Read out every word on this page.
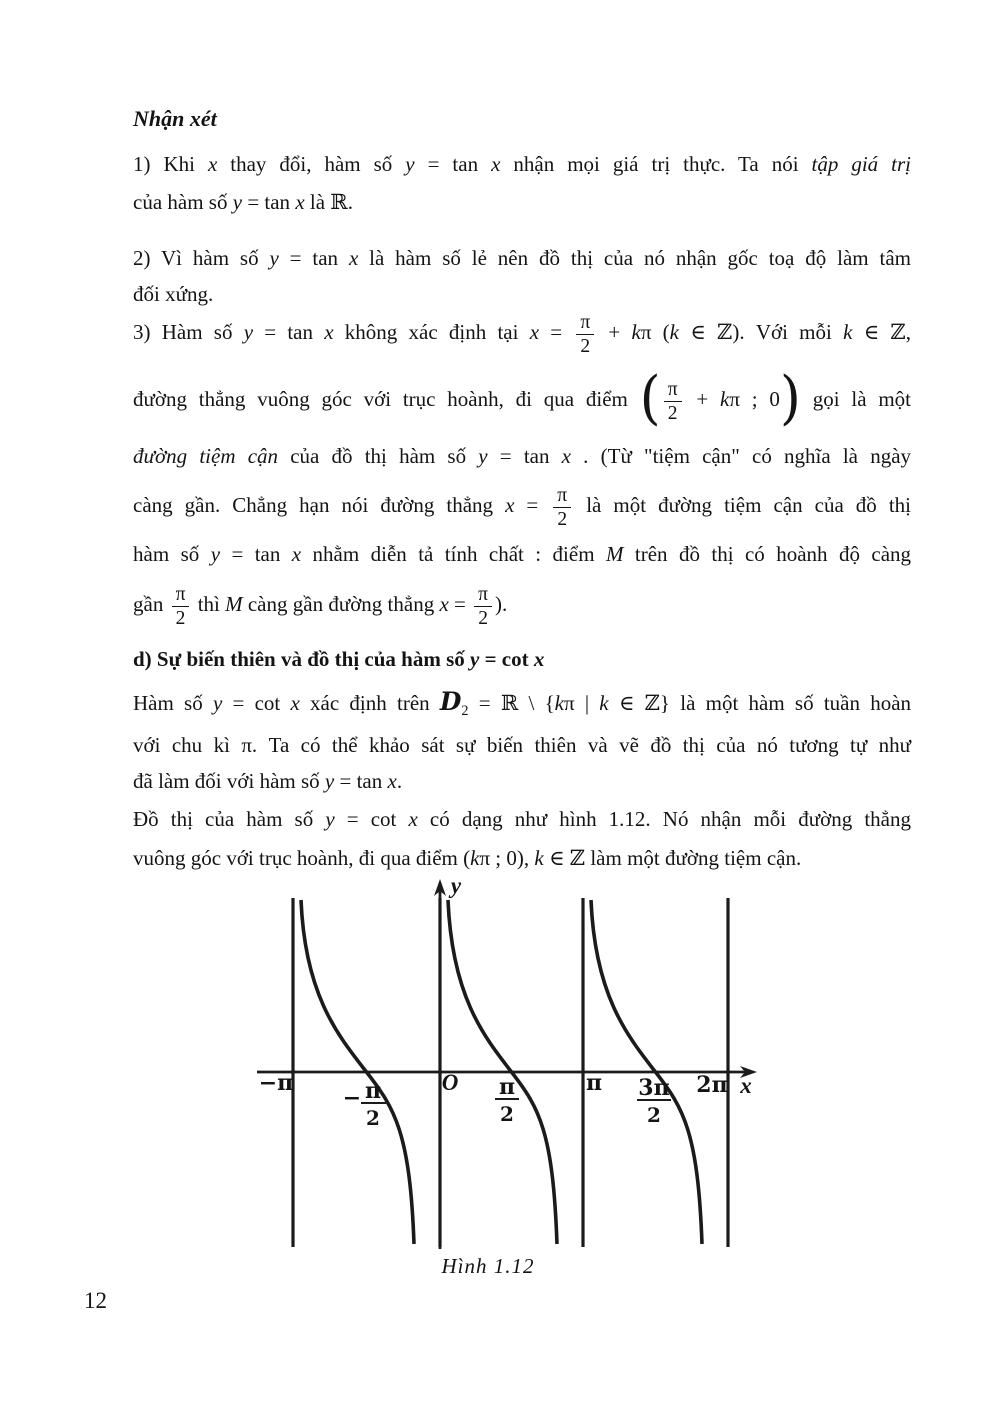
Nhận xét
1) Khi x thay đổi, hàm số y = tan x nhận mọi giá trị thực. Ta nói tập giá trị
của hàm số y = tan x là ℝ.
2) Vì hàm số y = tan x là hàm số lẻ nên đồ thị của nó nhận gốc toạ độ làm tâm
đối xứng.
3) Hàm số y = tan x không xác định tại $x = \frac{\pi}{2} + k\pi$ (k ∈ ℤ). Với mỗi k ∈ ℤ,
đường thẳng vuông góc với trục hoành, đi qua điểm ( $\frac{\pi}{2} + k\pi$ ; 0) gọi là một
đường tiệm cận của đồ thị hàm số y = tan x . (Từ "tiệm cận" có nghĩa là ngày
càng gần. Chẳng hạn nói đường thẳng $x = \frac{\pi}{2}$ là một đường tiệm cận của đồ thị
hàm số y = tan x nhằm diễn tả tính chất : điểm M trên đồ thị có hoành độ càng
gần $\frac{\pi}{2}$ thì M càng gần đường thẳng $x = \frac{\pi}{2}$ ).
d) Sự biến thiên và đồ thị của hàm số y = cot x
Hàm số y = cot x xác định trên $D_2$ = ℝ \ {kπ | k ∈ ℤ} là một hàm số tuần hoàn
với chu kì π. Ta có thể khảo sát sự biến thiên và vẽ đồ thị của nó tương tự như
đã làm đối với hàm số y = tan x.
Đồ thị của hàm số y = cot x có dạng như hình 1.12. Nó nhận mỗi đường thẳng
vuông góc với trục hoành, đi qua điểm (kπ ; 0), k ∈ ℤ làm một đường tiệm cận.
y
x
O
−π
− π
2
π
2
π 3π
2
2π
Hình 1.12
12
